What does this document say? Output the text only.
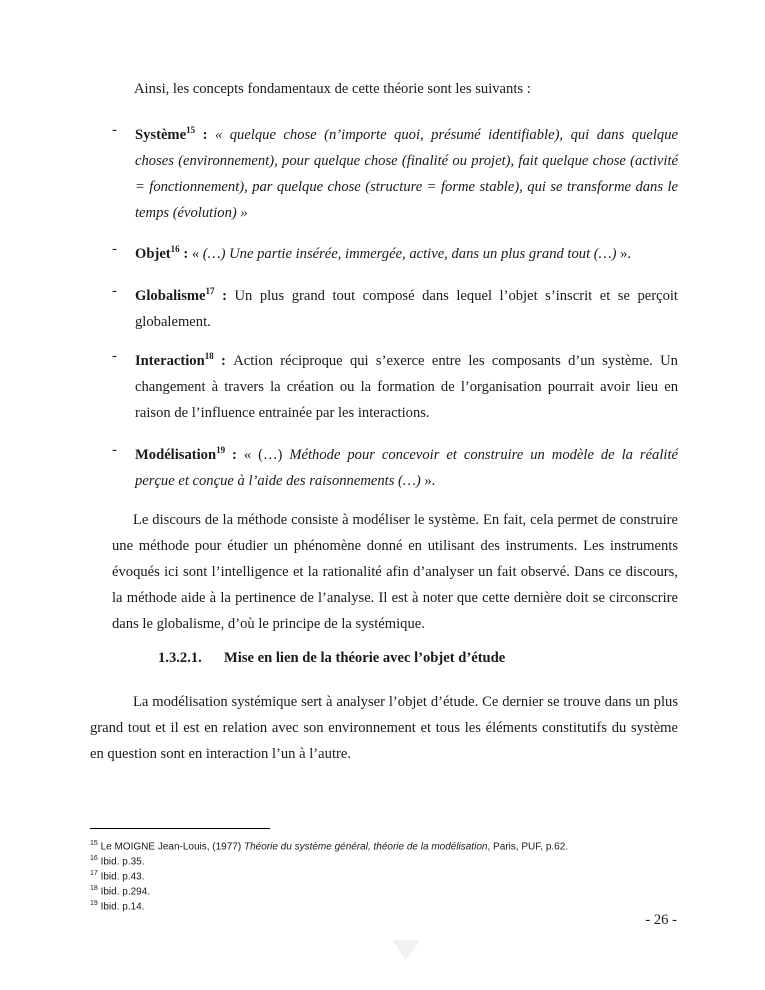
Ainsi, les concepts fondamentaux de cette théorie sont les suivants :
- Système$^{15}$ : « quelque chose (n’importe quoi, présumé identifiable), qui dans quelque choses (environnement), pour quelque chose (finalité ou projet), fait quelque chose (activité = fonctionnement), par quelque chose (structure = forme stable), qui se transforme dans le temps (évolution) »
- Objet$^{16}$ : « (…) Une partie insérée, immergée, active, dans un plus grand tout (…) ».
- Globalisme$^{17}$ : Un plus grand tout composé dans lequel l’objet s’inscrit et se perçoit globalement.
- Interaction$^{18}$ : Action réciproque qui s’exerce entre les composants d’un système. Un changement à travers la création ou la formation de l’organisation pourrait avoir lieu en raison de l’influence entrainée par les interactions.
- Modélisation$^{19}$ : « (…) Méthode pour concevoir et construire un modèle de la réalité perçue et conçue à l’aide des raisonnements (…) ».
Le discours de la méthode consiste à modéliser le système. En fait, cela permet de construire une méthode pour étudier un phénomène donné en utilisant des instruments. Les instruments évoqués ici sont l’intelligence et la rationalité afin d’analyser un fait observé. Dans ce discours, la méthode aide à la pertinence de l’analyse. Il est à noter que cette dernière doit se circonscrire dans le globalisme, d’où le principe de la systémique.
1.3.2.1. Mise en lien de la théorie avec l’objet d’étude
La modélisation systémique sert à analyser l’objet d’étude. Ce dernier se trouve dans un plus grand tout et il est en relation avec son environnement et tous les éléments constitutifs du système en question sont en interaction l’un à l’autre.
$^{15}$ Le MOIGNE Jean-Louis, (1977) Théorie du système général, théorie de la modélisation, Paris, PUF, p.62.
$^{16}$ Ibid. p.35.
$^{17}$ Ibid. p.43.
$^{18}$ Ibid. p.294.
$^{19}$ Ibid. p.14.
- 26 -
